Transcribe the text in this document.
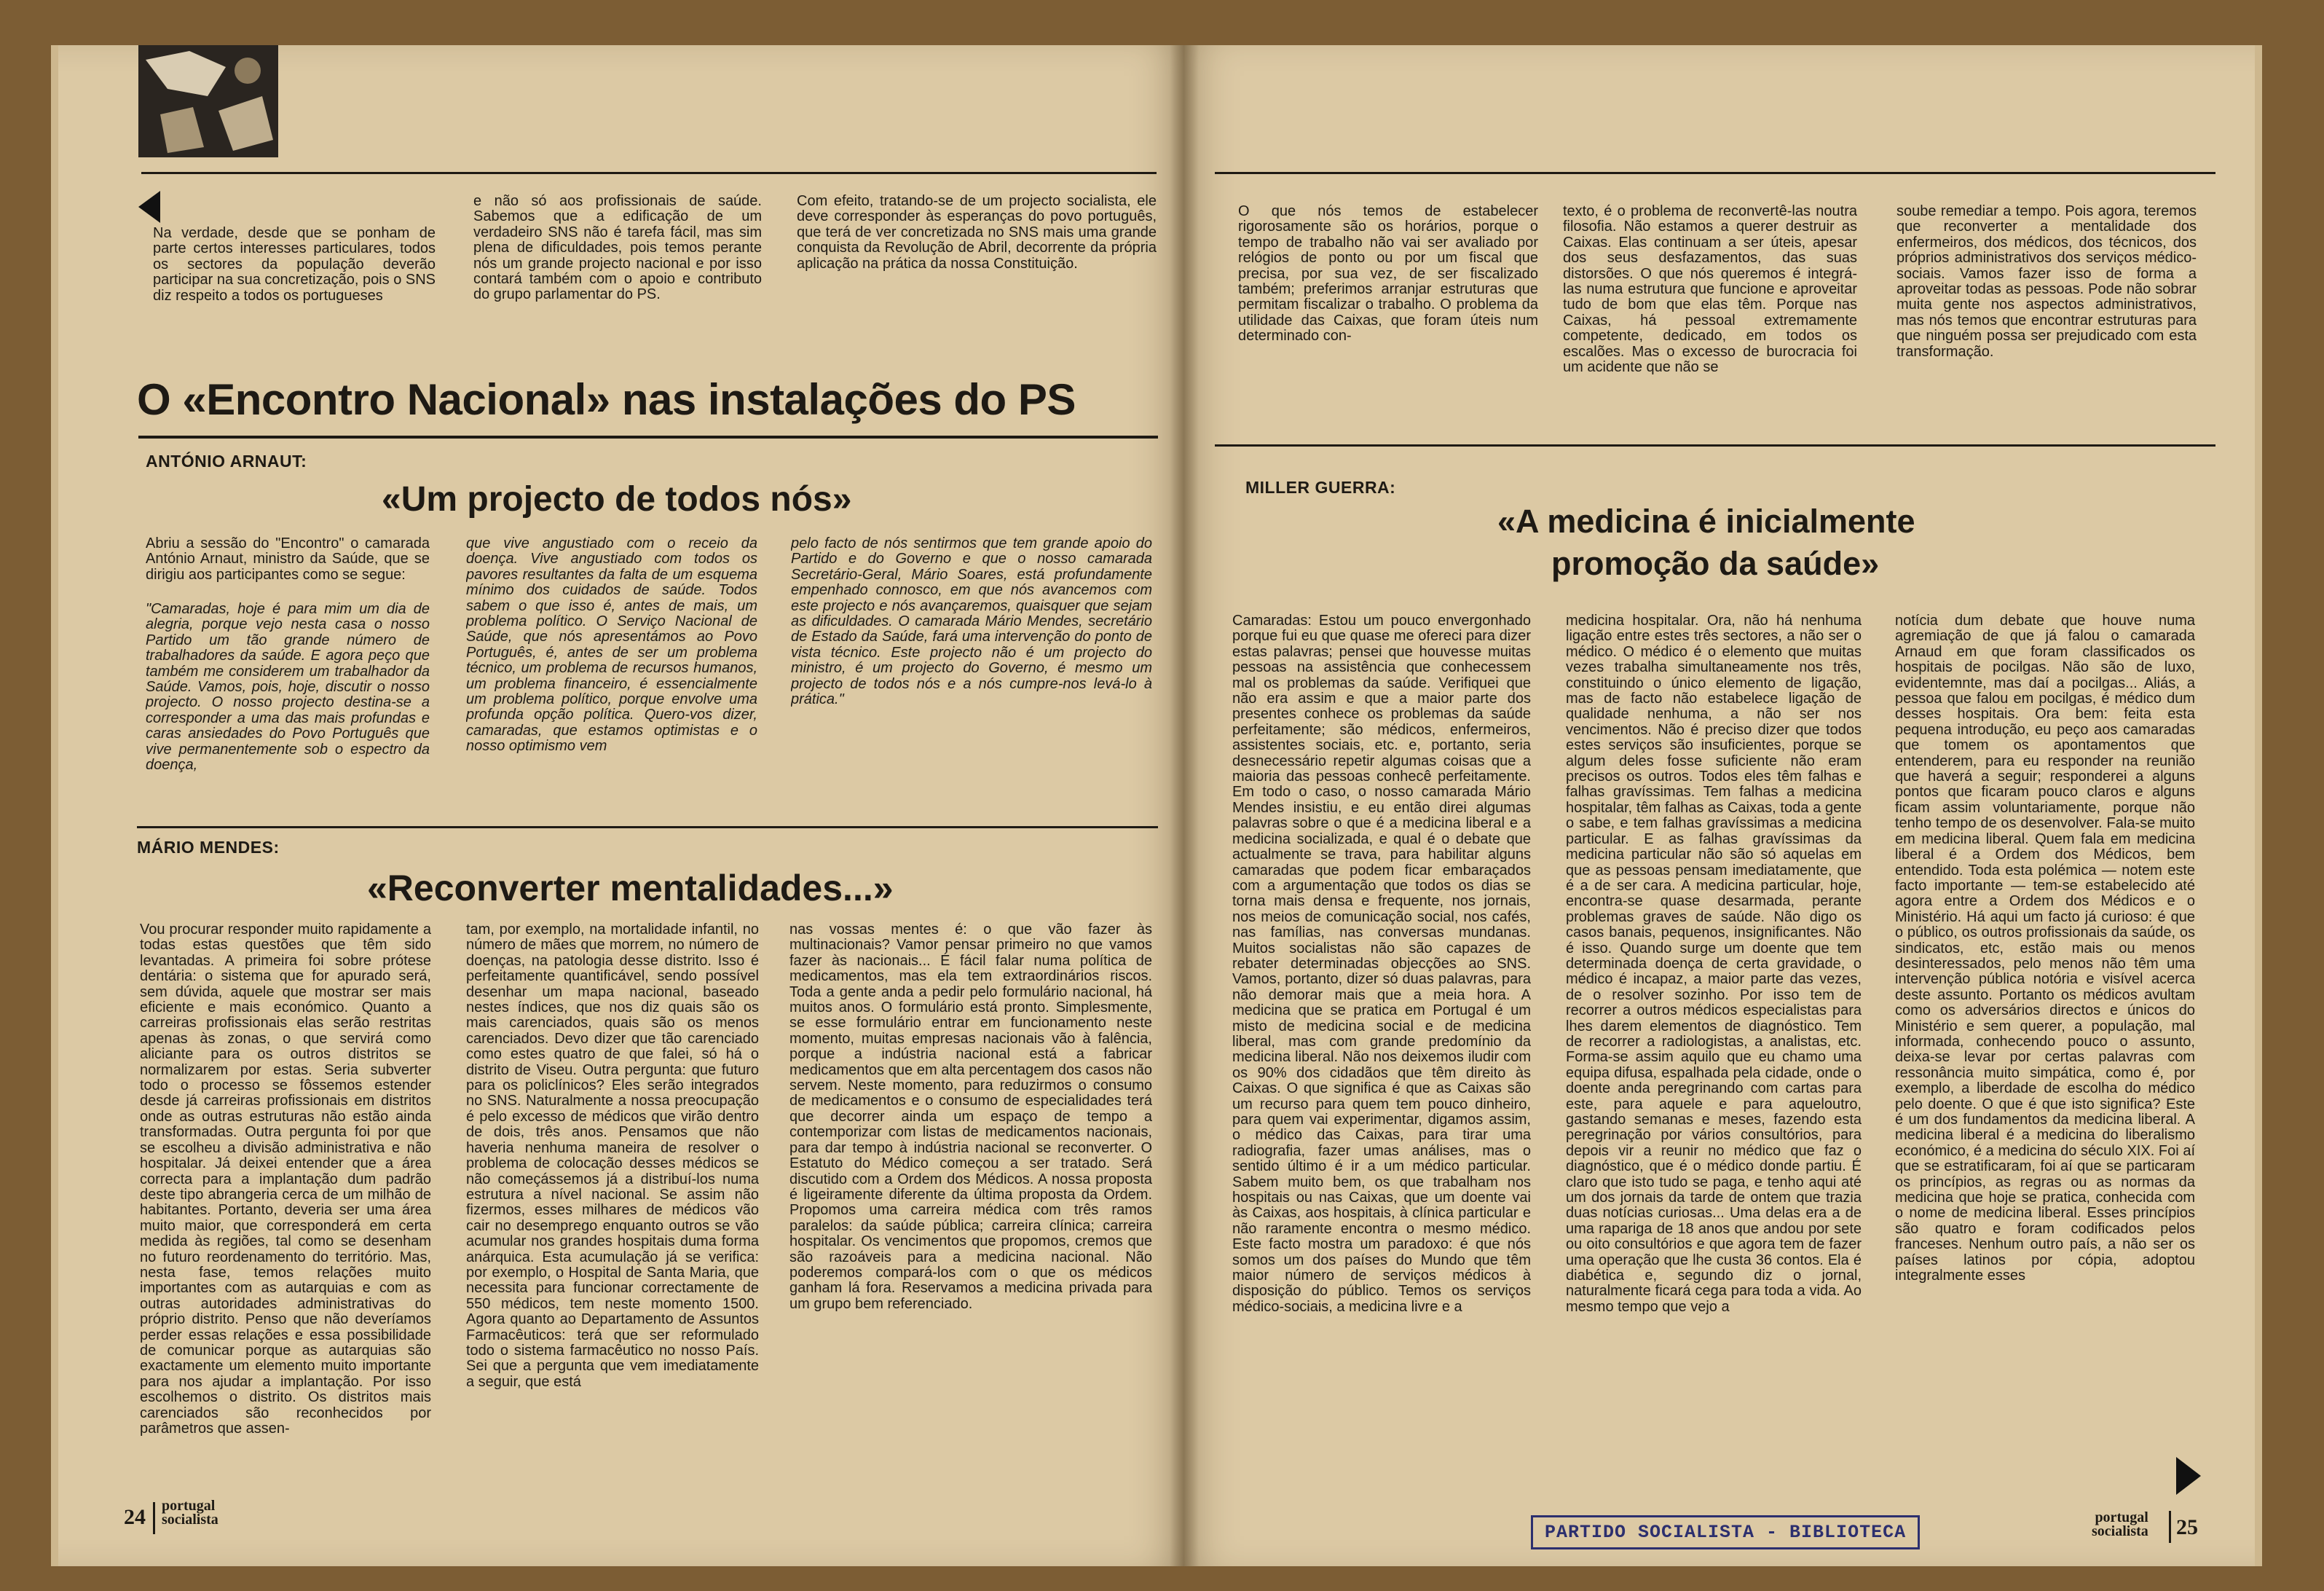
Na verdade, desde que se ponham de parte certos interesses particulares, todos os sectores da população deverão participar na sua concretização, pois o SNS diz respeito a todos os portugueses
e não só aos profissionais de saúde. Sabemos que a edificação de um verdadeiro SNS não é tarefa fácil, mas sim plena de dificuldades, pois temos perante nós um grande projecto nacional e por isso contará também com o apoio e contributo do grupo parlamentar do PS.
Com efeito, tratando-se de um projecto socialista, ele deve corresponder às esperanças do povo português, que terá de ver concretizada no SNS mais uma grande conquista da Revolução de Abril, decorrente da própria aplicação na prática da nossa Constituição.
O «Encontro Nacional» nas instalações do PS
ANTÓNIO ARNAUT:
«Um projecto de todos nós»
Abriu a sessão do "Encontro" o camarada António Arnaut, ministro da Saúde, que se dirigiu aos participantes como se segue:
"Camaradas, hoje é para mim um dia de alegria, porque vejo nesta casa o nosso Partido um tão grande número de trabalhadores da saúde. E agora peço que também me considerem um trabalhador da Saúde. Vamos, pois, hoje, discutir o nosso projecto. O nosso projecto destina-se a corresponder a uma das mais profundas e caras ansiedades do Povo Português que vive permanentemente sob o espectro da doença,
que vive angustiado com o receio da doença. Vive angustiado com todos os pavores resultantes da falta de um esquema mínimo dos cuidados de saúde. Todos sabem o que isso é, antes de mais, um problema político. O Serviço Nacional de Saúde, que nós apresentámos ao Povo Português, é, antes de ser um problema técnico, um problema de recursos humanos, um problema financeiro, é essencialmente um problema político, porque envolve uma profunda opção política. Quero-vos dizer, camaradas, que estamos optimistas e o nosso optimismo vem
pelo facto de nós sentirmos que tem grande apoio do Partido e do Governo e que o nosso camarada Secretário-Geral, Mário Soares, está profundamente empenhado connosco, em que nós avancemos com este projecto e nós avançaremos, quaisquer que sejam as dificuldades. O camarada Mário Mendes, secretário de Estado da Saúde, fará uma intervenção do ponto de vista técnico. Este projecto não é um projecto do ministro, é um projecto do Governo, é mesmo um projecto de todos nós e a nós cumpre-nos levá-lo à prática."
MÁRIO MENDES:
«Reconverter mentalidades...»
Vou procurar responder muito rapidamente a todas estas questões que têm sido levantadas. A primeira foi sobre prótese dentária: o sistema que for apurado será, sem dúvida, aquele que mostrar ser mais eficiente e mais económico. Quanto a carreiras profissionais elas serão restritas apenas às zonas, o que servirá como aliciante para os outros distritos se normalizarem por estas. Seria subverter todo o processo se fôssemos estender desde já carreiras profissionais em distritos onde as outras estruturas não estão ainda transformadas. Outra pergunta foi por que se escolheu a divisão administrativa e não hospitalar. Já deixei entender que a área correcta para a implantação dum padrão deste tipo abrangeria cerca de um milhão de habitantes. Portanto, deveria ser uma área muito maior, que corresponderá em certa medida às regiões, tal como se desenham no futuro reordenamento do território. Mas, nesta fase, temos relações muito importantes com as autarquias e com as outras autoridades administrativas do próprio distrito. Penso que não deveríamos perder essas relações e essa possibilidade de comunicar porque as autarquias são exactamente um elemento muito importante para nos ajudar a implantação. Por isso escolhemos o distrito. Os distritos mais carenciados são reconhecidos por parâmetros que assen-
tam, por exemplo, na mortalidade infantil, no número de mães que morrem, no número de doenças, na patologia desse distrito. Isso é perfeitamente quantificável, sendo possível desenhar um mapa nacional, baseado nestes índices, que nos diz quais são os mais carenciados, quais são os menos carenciados. Devo dizer que tão carenciado como estes quatro de que falei, só há o distrito de Viseu. Outra pergunta: que futuro para os policlínicos? Eles serão integrados no SNS. Naturalmente a nossa preocupação é pelo excesso de médicos que virão dentro de dois, três anos. Pensamos que não haveria nenhuma maneira de resolver o problema de colocação desses médicos se não começássemos já a distribuí-los numa estrutura a nível nacional. Se assim não fizermos, esses milhares de médicos vão cair no desemprego enquanto outros se vão acumular nos grandes hospitais duma forma anárquica. Esta acumulação já se verifica: por exemplo, o Hospital de Santa Maria, que necessita para funcionar correctamente de 550 médicos, tem neste momento 1500. Agora quanto ao Departamento de Assuntos Farmacêuticos: terá que ser reformulado todo o sistema farmacêutico no nosso País. Sei que a pergunta que vem imediatamente a seguir, que está
nas vossas mentes é: o que vão fazer às multinacionais? Vamor pensar primeiro no que vamos fazer às nacionais... É fácil falar numa política de medicamentos, mas ela tem extraordinários riscos. Toda a gente anda a pedir pelo formulário nacional, há muitos anos. O formulário está pronto. Simplesmente, se esse formulário entrar em funcionamento neste momento, muitas empresas nacionais vão à falência, porque a indústria nacional está a fabricar medicamentos que em alta percentagem dos casos não servem. Neste momento, para reduzirmos o consumo de medicamentos e o consumo de especialidades terá que decorrer ainda um espaço de tempo a contemporizar com listas de medicamentos nacionais, para dar tempo à indústria nacional se reconverter. O Estatuto do Médico começou a ser tratado. Será discutido com a Ordem dos Médicos. A nossa proposta é ligeiramente diferente da última proposta da Ordem. Propomos uma carreira médica com três ramos paralelos: da saúde pública; carreira clínica; carreira hospitalar. Os vencimentos que propomos, cremos que são razoáveis para a medicina nacional. Não poderemos compará-los com o que os médicos ganham lá fora. Reservamos a medicina privada para um grupo bem referenciado.
24 portugal
socialista
O que nós temos de estabelecer rigorosamente são os horários, porque o tempo de trabalho não vai ser avaliado por relógios de ponto ou por um fiscal que precisa, por sua vez, de ser fiscalizado também; preferimos arranjar estruturas que permitam fiscalizar o trabalho. O problema da utilidade das Caixas, que foram úteis num determinado con-
texto, é o problema de reconvertê-las noutra filosofia. Não estamos a querer destruir as Caixas. Elas continuam a ser úteis, apesar dos seus desfazamentos, das suas distorsões. O que nós queremos é integrá-las numa estrutura que funcione e aproveitar tudo de bom que elas têm. Porque nas Caixas, há pessoal extremamente competente, dedicado, em todos os escalões. Mas o excesso de burocracia foi um acidente que não se
soube remediar a tempo. Pois agora, teremos que reconverter a mentalidade dos enfermeiros, dos médicos, dos técnicos, dos próprios administrativos dos serviços médico-sociais. Vamos fazer isso de forma a aproveitar todas as pessoas. Pode não sobrar muita gente nos aspectos administrativos, mas nós temos que encontrar estruturas para que ninguém possa ser prejudicado com esta transformação.
MILLER GUERRA:
«A medicina é inicialmente
promoção da saúde»
Camaradas: Estou um pouco envergonhado porque fui eu que quase me ofereci para dizer estas palavras; pensei que houvesse muitas pessoas na assistência que conhecessem mal os problemas da saúde. Verifiquei que não era assim e que a maior parte dos presentes conhece os problemas da saúde perfeitamente; são médicos, enfermeiros, assistentes sociais, etc. e, portanto, seria desnecessário repetir algumas coisas que a maioria das pessoas conhecê perfeitamente. Em todo o caso, o nosso camarada Mário Mendes insistiu, e eu então direi algumas palavras sobre o que é a medicina liberal e a medicina socializada, e qual é o debate que actualmente se trava, para habilitar alguns camaradas que podem ficar embaraçados com a argumentação que todos os dias se torna mais densa e frequente, nos jornais, nos meios de comunicação social, nos cafés, nas famílias, nas conversas mundanas. Muitos socialistas não são capazes de rebater determinadas objecções ao SNS. Vamos, portanto, dizer só duas palavras, para não demorar mais que a meia hora. A medicina que se pratica em Portugal é um misto de medicina social e de medicina liberal, mas com grande predomínio da medicina liberal. Não nos deixemos iludir com os 90% dos cidadãos que têm direito às Caixas. O que significa é que as Caixas são um recurso para quem tem pouco dinheiro, para quem vai experimentar, digamos assim, o médico das Caixas, para tirar uma radiografia, fazer umas análises, mas o sentido último é ir a um médico particular. Sabem muito bem, os que trabalham nos hospitais ou nas Caixas, que um doente vai às Caixas, aos hospitais, à clínica particular e não raramente encontra o mesmo médico. Este facto mostra um paradoxo: é que nós somos um dos países do Mundo que têm maior número de serviços médicos à disposição do público. Temos os serviços médico-sociais, a medicina livre e a
medicina hospitalar. Ora, não há nenhuma ligação entre estes três sectores, a não ser o médico. O médico é o elemento que muitas vezes trabalha simultaneamente nos três, constituindo o único elemento de ligação, mas de facto não estabelece ligação de qualidade nenhuma, a não ser nos vencimentos. Não é preciso dizer que todos estes serviços são insuficientes, porque se algum deles fosse suficiente não eram precisos os outros. Todos eles têm falhas e falhas gravíssimas. Tem falhas a medicina hospitalar, têm falhas as Caixas, toda a gente o sabe, e tem falhas gravíssimas a medicina particular. E as falhas gravíssimas da medicina particular não são só aquelas em que as pessoas pensam imediatamente, que é a de ser cara. A medicina particular, hoje, encontra-se quase desarmada, perante problemas graves de saúde. Não digo os casos banais, pequenos, insignificantes. Não é isso. Quando surge um doente que tem determinada doença de certa gravidade, o médico é incapaz, a maior parte das vezes, de o resolver sozinho. Por isso tem de recorrer a outros médicos especialistas para lhes darem elementos de diagnóstico. Tem de recorrer a radiologistas, a analistas, etc. Forma-se assim aquilo que eu chamo uma equipa difusa, espalhada pela cidade, onde o doente anda peregrinando com cartas para este, para aquele e para aqueloutro, gastando semanas e meses, fazendo esta peregrinação por vários consultórios, para depois vir a reunir no médico que faz o diagnóstico, que é o médico donde partiu. É claro que isto tudo se paga, e tenho aqui até um dos jornais da tarde de ontem que trazia duas notícias curiosas... Uma delas era a de uma rapariga de 18 anos que andou por sete ou oito consultórios e que agora tem de fazer uma operação que lhe custa 36 contos. Ela é diabética e, segundo diz o jornal, naturalmente ficará cega para toda a vida. Ao mesmo tempo que vejo a
notícia dum debate que houve numa agremiação de que já falou o camarada Arnaud em que foram classificados os hospitais de pocilgas. Não são de luxo, evidentemnte, mas daí a pocilgas... Aliás, a pessoa que falou em pocilgas, é médico dum desses hospitais. Ora bem: feita esta pequena introdução, eu peço aos camaradas que tomem os apontamentos que entenderem, para eu responder na reunião que haverá a seguir; responderei a alguns pontos que ficaram pouco claros e alguns ficam assim voluntariamente, porque não tenho tempo de os desenvolver. Fala-se muito em medicina liberal. Quem fala em medicina liberal é a Ordem dos Médicos, bem entendido. Toda esta polémica — notem este facto importante — tem-se estabelecido até agora entre a Ordem dos Médicos e o Ministério. Há aqui um facto já curioso: é que o público, os outros profissionais da saúde, os sindicatos, etc, estão mais ou menos desinteressados, pelo menos não têm uma intervenção pública notória e visível acerca deste assunto. Portanto os médicos avultam como os adversários directos e únicos do Ministério e sem querer, a população, mal informada, conhecendo pouco o assunto, deixa-se levar por certas palavras com ressonância muito simpática, como é, por exemplo, a liberdade de escolha do médico pelo doente. O que é que isto significa? Este é um dos fundamentos da medicina liberal. A medicina liberal é a medicina do liberalismo económico, é a medicina do século XIX. Foi aí que se estratificaram, foi aí que se particaram os princípios, as regras ou as normas da medicina que hoje se pratica, conhecida com o nome de medicina liberal. Esses princípios são quatro e foram codificados pelos franceses. Nenhum outro país, a não ser os países latinos por cópia, adoptou integralmente esses
PARTIDO SOCIALISTA - BIBLIOTECA
portugal
socialista 25
